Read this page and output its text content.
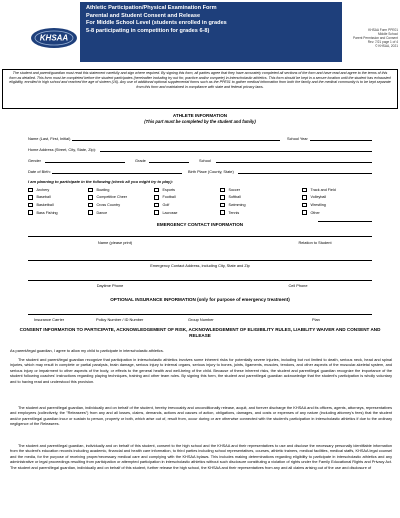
KHSAA
Athletic Participation/Physical Examination Form
Parental and Student Consent and Release
For Middle School Level (students enrolled in grades
5-8 participating in competition for grades 6-8)	KHSAA Form PPE01
Middle School
Parent Permission and Consent
Rev. 7/21 page 1 of 4
© KHSAA, 2021
The student and parent/guardian must read this statement carefully and sign where required. By signing this form, all parties agree that they have accurately completed all sections of the form and have read and agree to the terms of this form as detailed. This form must be completed before the student participates (hereinafter including try out for, practice and/or compete) in interscholastic athletics. This form should be kept in a secure location until the student has exhausted eligibility, enrolled in high school and reached the age of sixteen (16). Any use of additional optional supplemental forms such as the PPE01 to gather medical information from both the family and the medical community is to be kept separate from this form and maintained in compliance with state and federal privacy laws.
ATHLETE INFORMATION
(This part must be completed by the student and family)
Name (Last, First, Initial)	School Year
Home Address (Street, City, State, Zip):
Gender	Grade	School
Date of Birth:	Birth Place (County, State)
I am planning to participate in the following (check all you might try to play):
Archery
Baseball
Basketball
Bass Fishing
Bowling
Competitive Cheer
Cross Country
Dance
Esports
Football
Golf
Lacrosse
Soccer
Softball
Swimming
Tennis
Track and Field
Volleyball
Wrestling
Other
EMERGENCY CONTACT INFORMATION
Name (please print)	Relation to Student
Emergency Contact Address, including City, State and Zip
Daytime Phone	Cell Phone
OPTIONAL INSURANCE INFORMATION (only for purpose of emergency treatment)
Insurance Carrier	Policy Number / ID Number	Group Number	Plan
CONSENT INFORMATION TO PARTICIPATE, ACKNOWLEDGEMENT OF RISK, ACKNOWLEDGEMENT OF ELIGIBILITY RULES, LIABILITY WAIVER AND CONSENT AND RELEASE
As parent/legal guardian, I agree to allow my child to participate in interscholastic athletics.
The student and parent/legal guardian recognize that participation in interscholastic athletics involves some inherent risks for potentially severe injuries, including but not limited to death, serious neck, head and spinal injuries, which may result in complete or partial paralysis, brain damage, serious injury to internal organs, serious injury to bones, joints, ligaments, muscles, tendons, and other aspects of the muscular-skeletal system, and serious injury or impairment to other aspects of the body, or effects to the general health and well-being of the child. Because of these inherent risks, the student and parent/legal guardian recognize the importance of the student following coaches' instructions regarding playing techniques, training and other team rules. By signing this form, the student and parent/legal guardian acknowledge that the student's participation is wholly voluntary and to having read and understood this provision.
The student and parent/legal guardian, individually and on behalf of the student, hereby irrevocably and unconditionally release, acquit, and forever discharge the KHSAA and its officers, agents, attorneys, representatives and employees (collectively, the "Releasees") from any and all losses, claims, demands, actions and causes of action, obligations, damages, and costs or expenses of any nature (including attorney's fees) that the student and/or parent/legal guardian incur or sustain to person, property or both, which arise out of, result from, occur during or are otherwise connected with the student's participation in interscholastic athletics if due to the ordinary negligence of the Releasees.
The student and parent/legal guardian, individually and on behalf of this student, consent to the high school and the KHSAA and their representatives to use and disclose the necessary personally identifiable information from the student's education records including academic, financial and health care information, to third parties including school representatives, courses, athletic trainers, medical facilities, medical staffs, KHSAA legal counsel and the media, for the purpose of receiving proper/necessary medical care and complying with the KHSAA bylaws. This includes making determinations regarding eligibility to participate in interscholastic athletics and any administrative or legal proceedings resulting from participation or attempted participation in interscholastic athletics without such disclosure constituting a violation of rights under the Family Educational Rights and Privacy Act. The student and parent/legal guardian, individually and on behalf of this student, further release the high school, the KHSAA and their representatives from any and all claims arising out of the use and disclosure of
